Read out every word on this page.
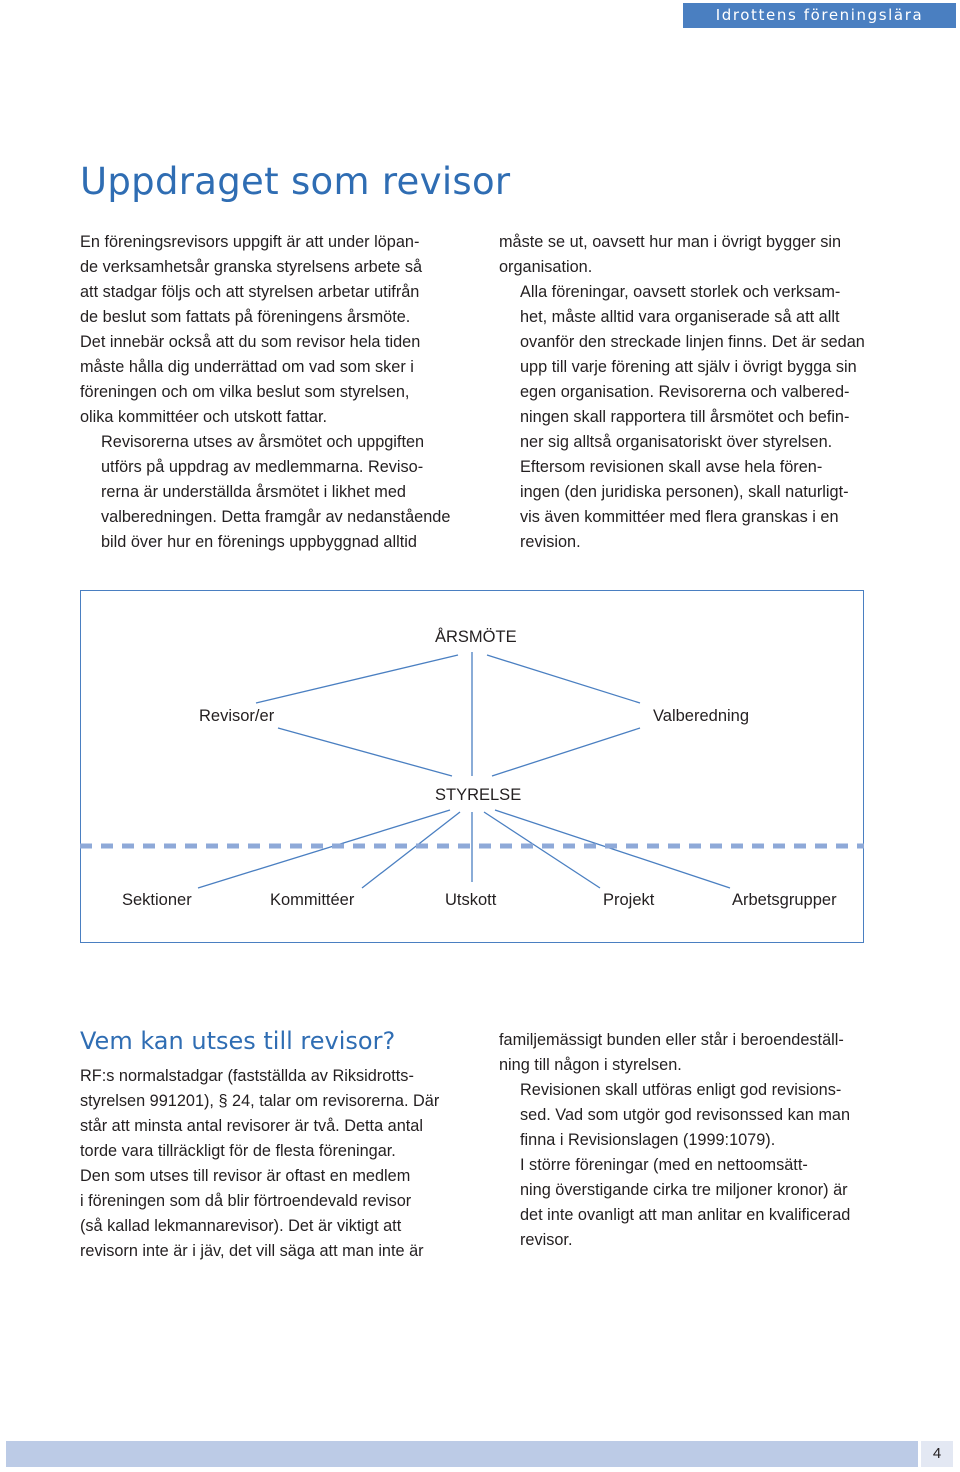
Idrottens föreningslära
Uppdraget som revisor

En föreningsrevisors uppgift är att under löpan-
de verksamhetsår granska styrelsens arbete så
att stadgar följs och att styrelsen arbetar utifrån
de beslut som fattats på föreningens årsmöte.
Det innebär också att du som revisor hela tiden
måste hålla dig underrättad om vad som sker i
föreningen och om vilka beslut som styrelsen,
olika kommittéer och utskott fattar.

Revisorerna utses av årsmötet och uppgiften
utförs på uppdrag av medlemmarna. Reviso-
rerna är underställda årsmötet i likhet med
valberedningen. Detta framgår av nedanstående
bild över hur en förenings uppbyggnad alltid

måste se ut, oavsett hur man i övrigt bygger sin
organisation.

Alla föreningar, oavsett storlek och verksam-
het, måste alltid vara organiserade så att allt
ovanför den streckade linjen finns. Det är sedan
upp till varje förening att själv i övrigt bygga sin
egen organisation. Revisorerna och valbered-
ningen skall rapportera till årsmötet och befin-
ner sig alltså organisatoriskt över styrelsen.

Eftersom revisionen skall avse hela fören-
ingen (den juridiska personen), skall naturligt-
vis även kommittéer med flera granskas i en
revision.

ÅRSMÖTE
Revisor/er	Valberedning
STYRELSE
Sektioner	Kommittéer	Utskott	Projekt	Arbetsgrupper
Vem kan utses till revisor?

RF:s normalstadgar (fastställda av Riksidrotts-
styrelsen 991201), § 24, talar om revisorerna. Där
står att minsta antal revisorer är två. Detta antal
torde vara tillräckligt för de flesta föreningar.
Den som utses till revisor är oftast en medlem
i föreningen som då blir förtroendevald revisor
(så kallad lekmannarevisor). Det är viktigt att
revisorn inte är i jäv, det vill säga att man inte är

familjemässigt bunden eller står i beroendeställ-
ning till någon i styrelsen.

Revisionen skall utföras enligt god revisions-
sed. Vad som utgör god revisonssed kan man
finna i Revisionslagen (1999:1079).

I större föreningar (med en nettoomsätt-
ning överstigande cirka tre miljoner kronor) är
det inte ovanligt att man anlitar en kvalificerad
revisor.

4
